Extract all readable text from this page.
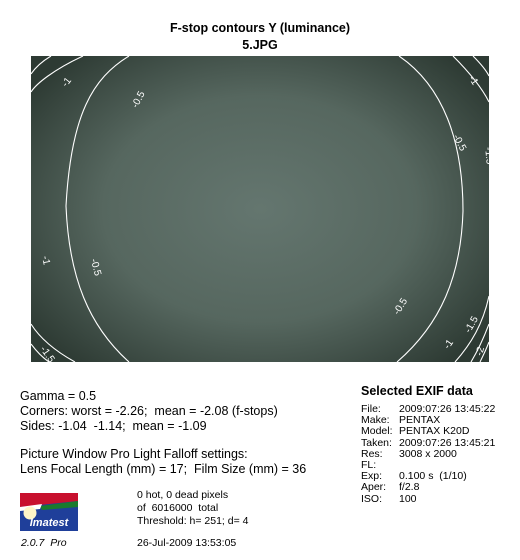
F-stop contours Y (luminance)
5.JPG
-0.5
-0.5
-0.5
-0.5
-1
-1
-1
-1
-1.5
-1.5
-1.5
-2
Gamma = 0.5
Corners: worst = -2.26;  mean = -2.08 (f-stops)
Sides: -1.04  -1.14;  mean = -1.09
Picture Window Pro Light Falloff settings:
Lens Focal Length (mm) = 17;  Film Size (mm) = 36
Selected EXIF data
File: 2009:07:26 13:45:22
Make: PENTAX
Model: PENTAX K20D
Taken: 2009:07:26 13:45:21
Res: 3008 x 2000
FL:
Exp: 0.100 s  (1/10)
Aper: f/2.8
ISO: 100
0 hot, 0 dead pixels
of  6016000  total
Threshold: h= 251; d= 4
Imatest
2.0.7  Pro	26-Jul-2009 13:53:05
